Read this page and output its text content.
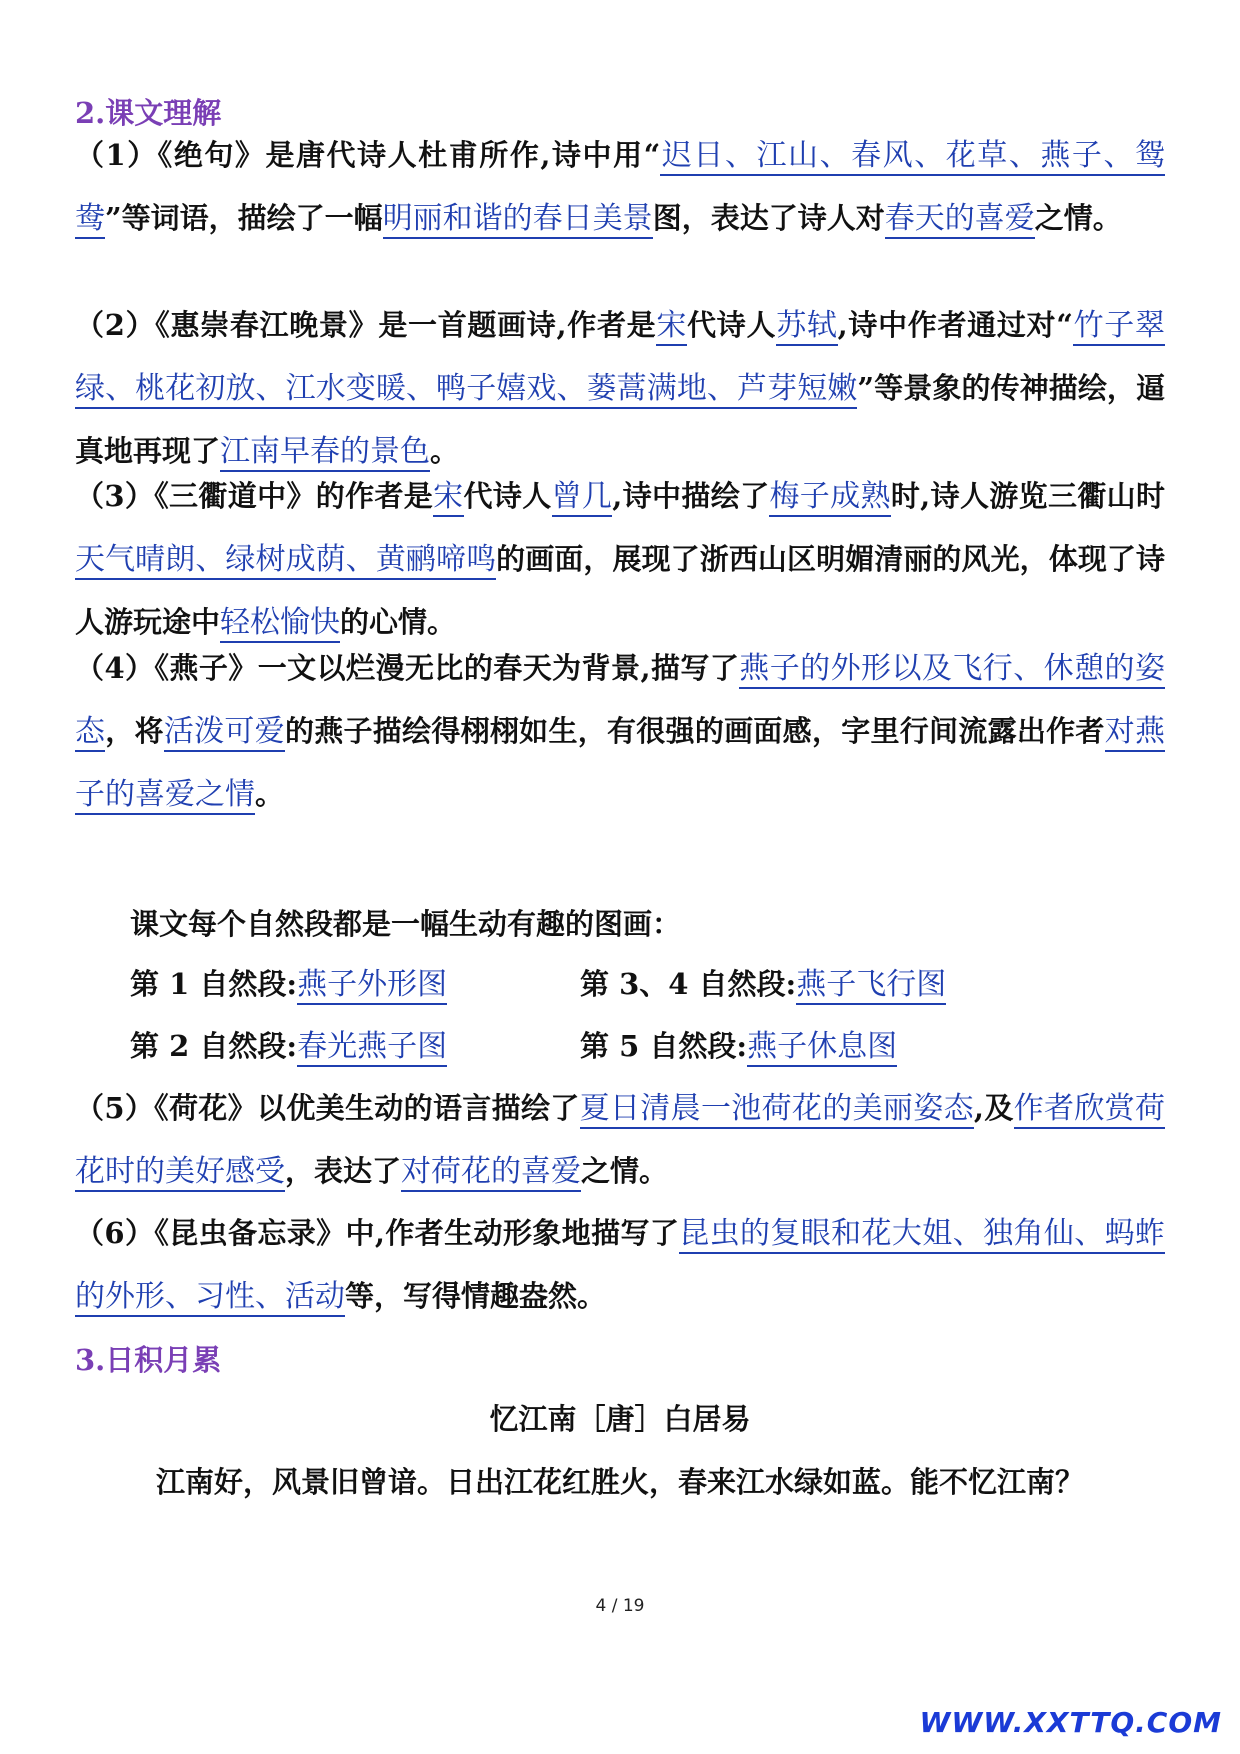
2.课文理解

（1）《绝句》是唐代诗人杜甫所作,诗中用“迟日、江山、春风、花草、燕子、鸳鸯”等词语，描绘了一幅明丽和谐的春日美景图，表达了诗人对春天的喜爱之情。

（2）《惠崇春江晚景》是一首题画诗,作者是宋代诗人苏轼,诗中作者通过对“竹子翠绿、桃花初放、江水变暖、鸭子嬉戏、蒌蒿满地、芦芽短嫩”等景象的传神描绘，逼真地再现了江南早春的景色。

（3）《三衢道中》的作者是宋代诗人曾几,诗中描绘了梅子成熟时,诗人游览三衢山时天气晴朗、绿树成荫、黄鹂啼鸣的画面，展现了浙西山区明媚清丽的风光，体现了诗人游玩途中轻松愉快的心情。

（4）《燕子》一文以烂漫无比的春天为背景,描写了燕子的外形以及飞行、休憩的姿态，将活泼可爱的燕子描绘得栩栩如生，有很强的画面感，字里行间流露出作者对燕子的喜爱之情。

课文每个自然段都是一幅生动有趣的图画：

第 1 自然段:燕子外形图	第 3、4 自然段:燕子飞行图

第 2 自然段:春光燕子图	第 5 自然段:燕子休息图

（5）《荷花》以优美生动的语言描绘了夏日清晨一池荷花的美丽姿态,及作者欣赏荷花时的美好感受，表达了对荷花的喜爱之情。

（6）《昆虫备忘录》中,作者生动形象地描写了昆虫的复眼和花大姐、独角仙、蚂蚱的外形、习性、活动等，写得情趣盎然。

3.日积月累

忆江南［唐］白居易

江南好，风景旧曾谙。日出江花红胜火，春来江水绿如蓝。能不忆江南？

4 / 19
WWW.XXTTQ.COM
